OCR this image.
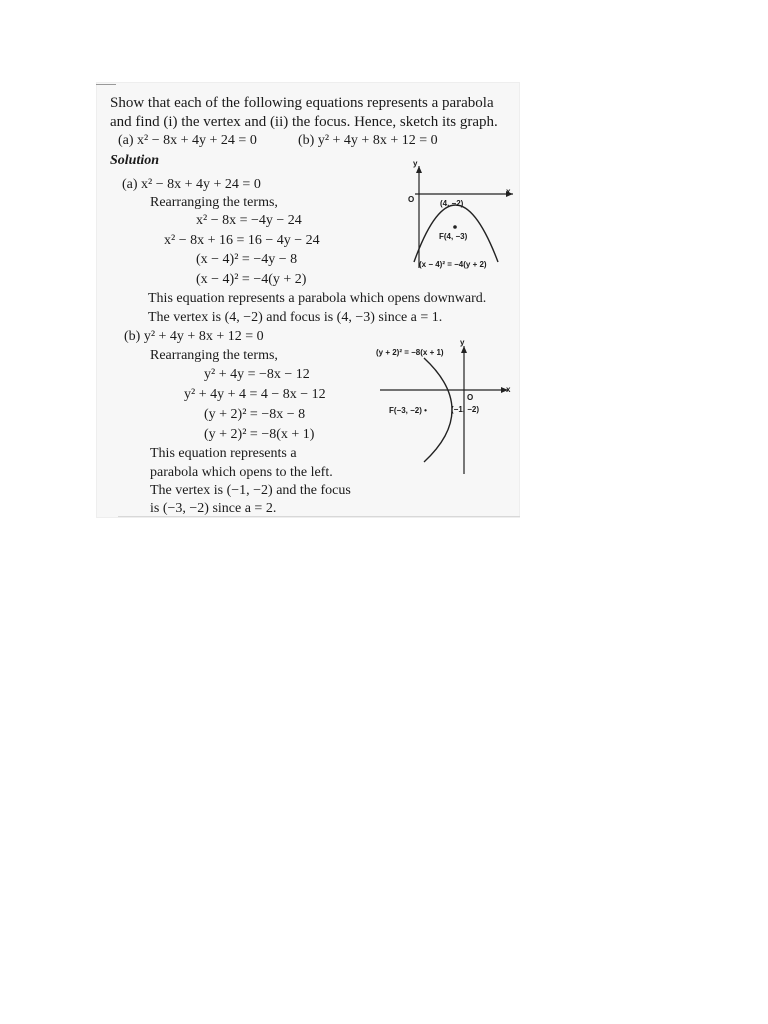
Show that each of the following equations represents a parabola
and find (i) the vertex and (ii) the focus. Hence, sketch its graph.
(a) x² − 8x + 4y + 24 = 0	(b) y² + 4y + 8x + 12 = 0
Solution
(a) x² − 8x + 4y + 24 = 0
Rearranging the terms,
x² − 8x = −4y − 24
x² − 8x + 16 = 16 − 4y − 24
(x − 4)² = −4y − 8
(x − 4)² = −4(y + 2)
This equation represents a parabola which opens downward.
The vertex is (4, −2) and focus is (4, −3) since a = 1.
y
x
O	(4, −2)
F(4, −3)
(x − 4)² = −4(y + 2)
(b) y² + 4y + 8x + 12 = 0
Rearranging the terms,
y² + 4y = −8x − 12
y² + 4y + 4 = 4 − 8x − 12
(y + 2)² = −8x − 8
(y + 2)² = −8(x + 1)
This equation represents a
parabola which opens to the left.
The vertex is (−1, −2) and the focus
is (−3, −2) since a = 2.
(y + 2)² = −8(x + 1)
y
x
O
F(−3, −2) •	(−1, −2)
